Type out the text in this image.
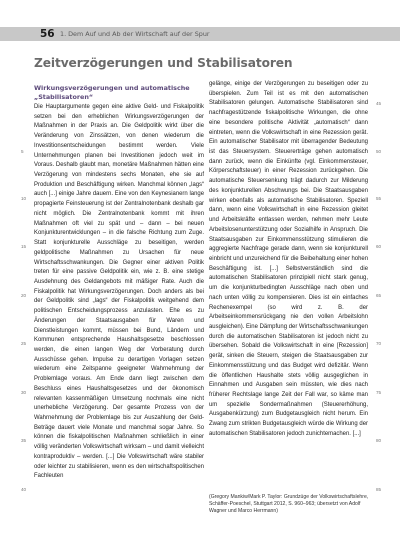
56 1. Dem Auf und Ab der Wirtschaft auf der Spur
Zeitverzögerungen und Stabilisatoren
Wirkungsverzögerungen und automatische
„Stabilisatoren“

Die Hauptargumente gegen eine aktive Geld- und Fiskalpolitik setzen bei den erheblichen Wirkungsverzögerungen der Maßnahmen in der Praxis an. Die Geldpolitik wirkt über die Veränderung von Zinssätzen, von denen wiederum die Investitionsentscheidungen bestimmt werden. Viele Unternehmungen planen bei Investitionen jedoch weit im Voraus. Deshalb glaubt man, monetäre Maßnahmen hätten eine Verzögerung von mindestens sechs Monaten, ehe sie auf Produktion und Beschäftigung wirken. Manchmal können „lags“ auch [...] einige Jahre dauern. Eine von den Keynesianern lange propagierte Feinsteuerung ist der Zentralnotenbank deshalb gar nicht möglich. Die Zentralnotenbank kommt mit ihren Maßnahmen oft viel zu spät und – dann – bei neuen Konjunkturentwicklungen – in die falsche Richtung zum Zuge. Statt konjunkturelle Ausschläge zu beseitigen, werden geldpolitische Maßnahmen zu Ursachen für neue Wirtschaftsschwankungen. Die Gegner einer aktiven Politik treten für eine passive Geldpolitik ein, wie z. B. eine stetige Ausdehnung des Geldangebots mit mäßiger Rate. Auch die Fiskalpolitik hat Wirkungsverzögerungen. Doch anders als bei der Geldpolitik sind „lags“ der Fiskalpolitik weitgehend dem politischen Entscheidungsprozess anzulasten. Ehe es zu Änderungen der Staatsausgaben für Waren und Dienstleistungen kommt, müssen bei Bund, Ländern und Kommunen entsprechende Haushaltsgesetze beschlossen werden, die einen langen Weg der Vorberatung durch Ausschüsse gehen. Impulse zu derartigen Vorlagen setzen wiederum eine Zeitspanne geeigneter Wahrnehmung der Problemlage voraus. Am Ende dann liegt zwischen dem Beschluss eines Haushaltsgesetzes und der ökonomisch relevanten kassenmäßigen Umsetzung nochmals eine nicht unerhebliche Verzögerung. Der gesamte Prozess von der Wahrnehmung der Problemlage bis zur Auszahlung der Geld-Beträge dauert viele Monate und manchmal sogar Jahre. So können die fiskalpolitischen Maßnahmen schließlich in einer völlig veränderten Volkswirtschaft wirksam – und damit vielleicht kontraproduktiv – werden. [...] Die Volkswirtschaft wäre stabiler oder leichter zu stabilisieren, wenn es den wirtschaftspolitischen Fachleuten

gelänge, einige der Verzögerungen zu beseitigen oder zu überspielen. Zum Teil ist es mit den automatischen Stabilisatoren gelungen. Automatische Stabilisatoren sind nachfragestützende fiskalpolitische Wirkungen, die ohne eine besondere politische Aktivität „automatisch“ dann eintreten, wenn die Volkswirtschaft in eine Rezession gerät. Ein automatischer Stabilisator mit überragender Bedeutung ist das Steuersystem. Steuererträge gehen automatisch dann zurück, wenn die Einkünfte (vgl. Einkommensteuer, Körperschaftsteuer) in einer Rezession zurückgehen. Die automatische Steuersenkung trägt dadurch zur Milderung des konjunkturellen Abschwungs bei. Die Staatsausgaben wirken ebenfalls als automatische Stabilisatoren. Speziell dann, wenn eine Volkswirtschaft in eine Rezession gleitet und Arbeitskräfte entlassen werden, nehmen mehr Leute Arbeitslosenunterstützung oder Sozialhilfe in Anspruch. Die Staatsausgaben zur Einkommensstützung stimulieren die aggregierte Nachfrage gerade dann, wenn sie konjunkturell einbricht und unzureichend für die Beibehaltung einer hohen Beschäftigung ist. [...] Selbstverständlich sind die automatischen Stabilisatoren prinzipiell nicht stark genug, um die konjunkturbedingten Ausschläge nach oben und nach unten völlig zu kompensieren. Dies ist ein einfaches Rechenexempel (so wird z. B. der Arbeitseinkommensrückgang nie den vollen Arbeitslohn ausgleichen). Eine Dämpfung der Wirtschaftsschwankungen durch die automatischen Stabilisatoren ist jedoch nicht zu übersehen. Sobald die Volkswirtschaft in eine [Rezession] gerät, sinken die Steuern, steigen die Staatsausgaben zur Einkommensstützung und das Budget wird defizitär. Wenn die öffentlichen Haushalte stets völlig ausgeglichen in Einnahmen und Ausgaben sein müssten, wie dies nach früherer Rechtslage lange Zeit der Fall war, so käme man um spezielle Sondermaßnahmen (Steuererhöhung, Ausgabenkürzung) zum Budgetausgleich nicht herum. Ein Zwang zum strikten Budgetausgleich würde die Wirkung der automatischen Stabilisatoren jedoch zunichtemachen. [...]

(Gregory Mankiw/Mark P. Taylor: Grundzüge der Volkswirtschaftslehre, Schäffer-Poeschel, Stuttgart 2012, S. 960–963; übersetzt von Adolf Wagner und Marco Herrmann)
5
10
15
20
25
30
35
40
45
50
55
60
65
70
75
80
85
